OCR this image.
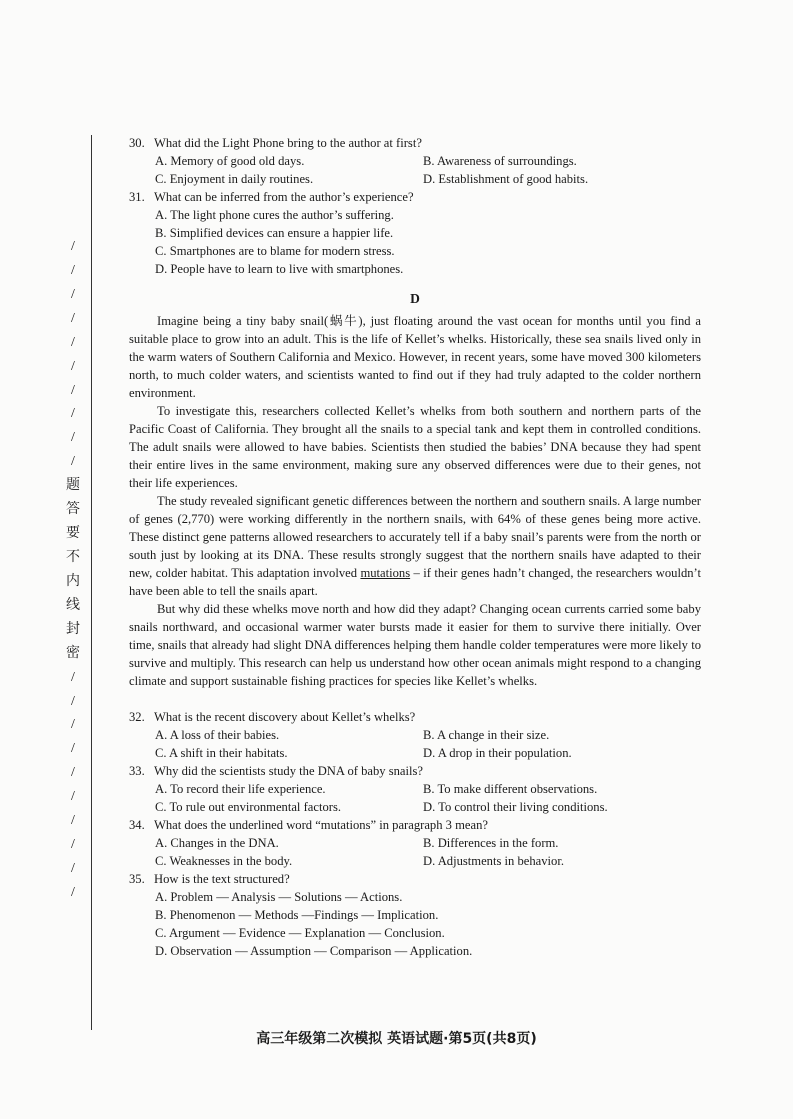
/
/
/
/
/
/
/
/
/
/
题
答
要
不
内
线
封
密
/
/
/
/
/
/
/
/
/
/
30. What did the Light Phone bring to the author at first?
A. Memory of good old days.	B. Awareness of surroundings.
C. Enjoyment in daily routines.	D. Establishment of good habits.
31. What can be inferred from the author’s experience?
A. The light phone cures the author’s suffering.
B. Simplified devices can ensure a happier life.
C. Smartphones are to blame for modern stress.
D. People have to learn to live with smartphones.
D

Imagine being a tiny baby snail(蜗牛), just floating around the vast ocean for months until you find a suitable place to grow into an adult. This is the life of Kellet’s whelks. Historically, these sea snails lived only in the warm waters of Southern California and Mexico. However, in recent years, some have moved 300 kilometers north, to much colder waters, and scientists wanted to find out if they had truly adapted to the colder northern environment.

To investigate this, researchers collected Kellet’s whelks from both southern and northern parts of the Pacific Coast of California. They brought all the snails to a special tank and kept them in controlled conditions. The adult snails were allowed to have babies. Scientists then studied the babies’ DNA because they had spent their entire lives in the same environment, making sure any observed differences were due to their genes, not their life experiences.

The study revealed significant genetic differences between the northern and southern snails. A large number of genes (2,770) were working differently in the northern snails, with 64% of these genes being more active. These distinct gene patterns allowed researchers to accurately tell if a baby snail’s parents were from the north or south just by looking at its DNA. These results strongly suggest that the northern snails have adapted to their new, colder habitat. This adaptation involved mutations – if their genes hadn’t changed, the researchers wouldn’t have been able to tell the snails apart.

But why did these whelks move north and how did they adapt? Changing ocean currents carried some baby snails northward, and occasional warmer water bursts made it easier for them to survive there initially. Over time, snails that already had slight DNA differences helping them handle colder temperatures were more likely to survive and multiply. This research can help us understand how other ocean animals might respond to a changing climate and support sustainable fishing practices for species like Kellet’s whelks.

32. What is the recent discovery about Kellet’s whelks?
A. A loss of their babies.	B. A change in their size.
C. A shift in their habitats.	D. A drop in their population.
33. Why did the scientists study the DNA of baby snails?
A. To record their life experience.	B. To make different observations.
C. To rule out environmental factors.	D. To control their living conditions.
34. What does the underlined word “mutations” in paragraph 3 mean?
A. Changes in the DNA.	B. Differences in the form.
C. Weaknesses in the body.	D. Adjustments in behavior.
35. How is the text structured?
A. Problem — Analysis — Solutions — Actions.
B. Phenomenon — Methods —Findings — Implication.
C. Argument — Evidence — Explanation — Conclusion.
D. Observation — Assumption — Comparison — Application.
高三年级第二次模拟 英语试题·第5页(共8页)
